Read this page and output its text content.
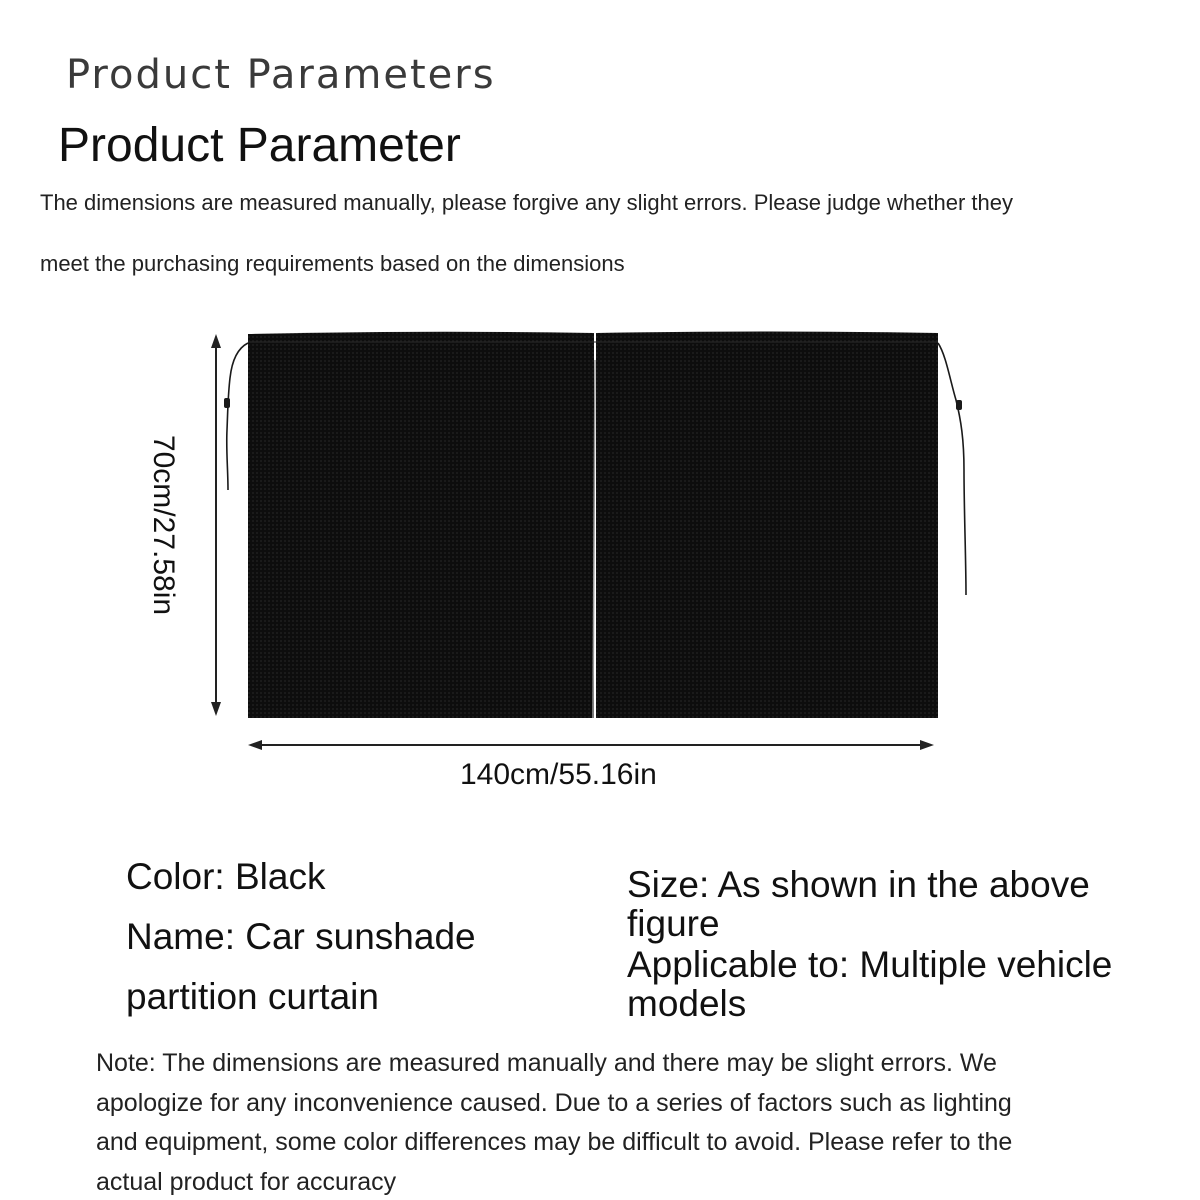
Product Parameters
Product Parameter
The dimensions are measured manually, please forgive any slight errors. Please judge whether they
meet the purchasing requirements based on the dimensions
70cm/27.58in
140cm/55.16in
Color: Black
Name: Car sunshade
partition curtain
Size: As shown in the above
figure
Applicable to: Multiple vehicle
models
Note: The dimensions are measured manually and there may be slight errors. We
apologize for any inconvenience caused. Due to a series of factors such as lighting
and equipment, some color differences may be difficult to avoid. Please refer to the
actual product for accuracy
